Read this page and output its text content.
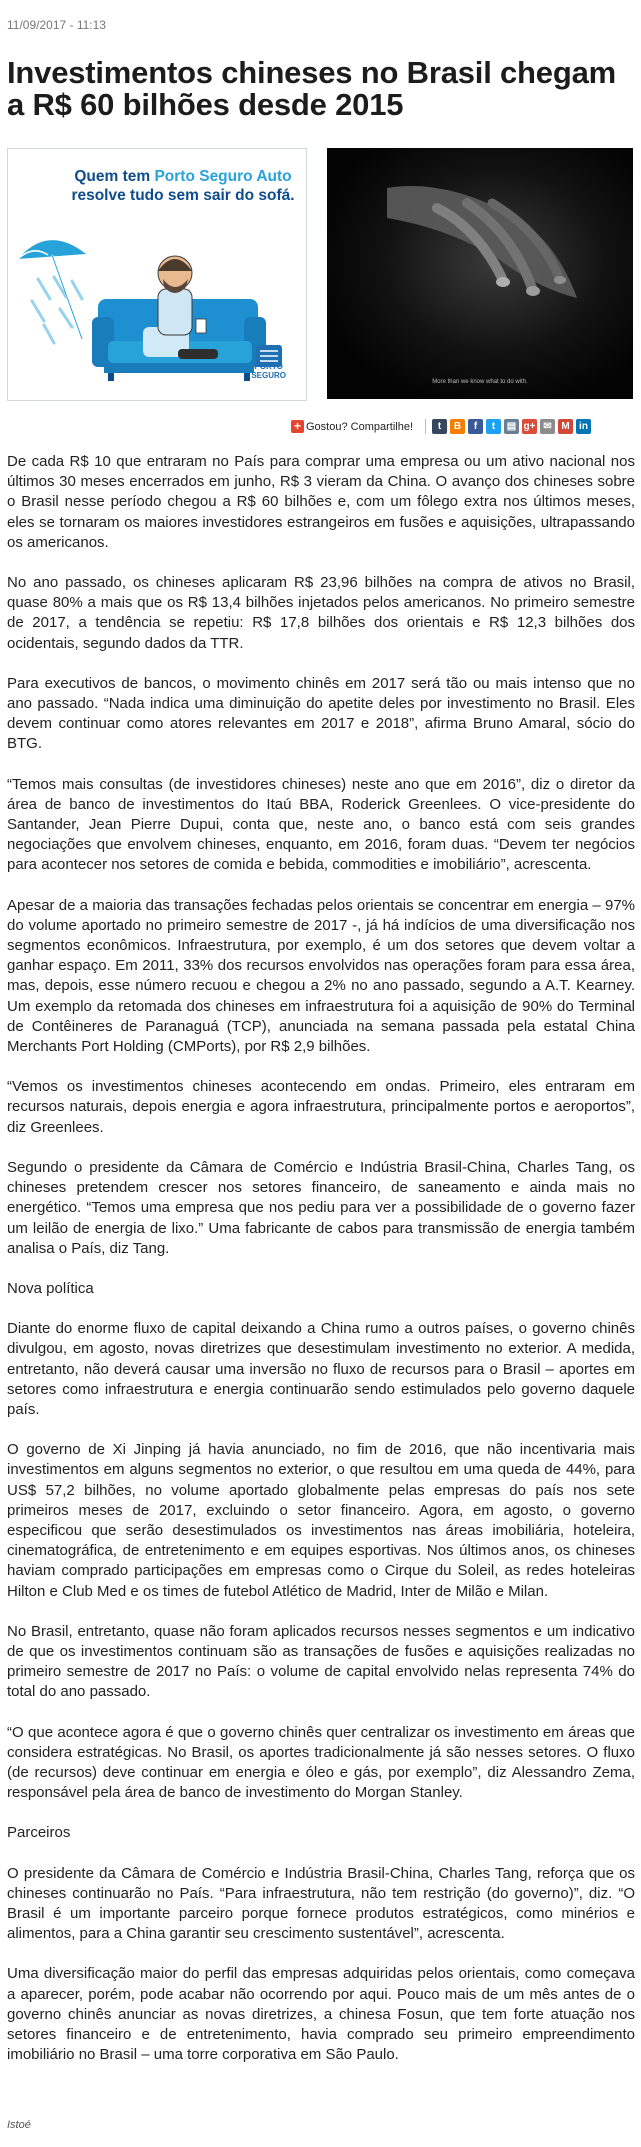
11/09/2017 - 11:13
Investimentos chineses no Brasil chegam a R$ 60 bilhões desde 2015
Quem tem Porto Seguro Auto resolve tudo sem sair do sofá.
PORTO
SEGURO
More than we know what to do with.
+ Gostou? Compartilhe!	t	B	f	t	▤ g+ ✉ M in

De cada R$ 10 que entraram no País para comprar uma empresa ou um ativo nacional nos últimos 30 meses encerrados em junho, R$ 3 vieram da China. O avanço dos chineses sobre o Brasil nesse período chegou a R$ 60 bilhões e, com um fôlego extra nos últimos meses, eles se tornaram os maiores investidores estrangeiros em fusões e aquisições, ultrapassando os americanos.

No ano passado, os chineses aplicaram R$ 23,96 bilhões na compra de ativos no Brasil, quase 80% a mais que os R$ 13,4 bilhões injetados pelos americanos. No primeiro semestre de 2017, a tendência se repetiu: R$ 17,8 bilhões dos orientais e R$ 12,3 bilhões dos ocidentais, segundo dados da TTR.

Para executivos de bancos, o movimento chinês em 2017 será tão ou mais intenso que no ano passado. “Nada indica uma diminuição do apetite deles por investimento no Brasil. Eles devem continuar como atores relevantes em 2017 e 2018”, afirma Bruno Amaral, sócio do BTG.

“Temos mais consultas (de investidores chineses) neste ano que em 2016”, diz o diretor da área de banco de investimentos do Itaú BBA, Roderick Greenlees. O vice-presidente do Santander, Jean Pierre Dupui, conta que, neste ano, o banco está com seis grandes negociações que envolvem chineses, enquanto, em 2016, foram duas. “Devem ter negócios para acontecer nos setores de comida e bebida, commodities e imobiliário”, acrescenta.

Apesar de a maioria das transações fechadas pelos orientais se concentrar em energia – 97% do volume aportado no primeiro semestre de 2017 -, já há indícios de uma diversificação nos segmentos econômicos. Infraestrutura, por exemplo, é um dos setores que devem voltar a ganhar espaço. Em 2011, 33% dos recursos envolvidos nas operações foram para essa área, mas, depois, esse número recuou e chegou a 2% no ano passado, segundo a A.T. Kearney. Um exemplo da retomada dos chineses em infraestrutura foi a aquisição de 90% do Terminal de Contêineres de Paranaguá (TCP), anunciada na semana passada pela estatal China Merchants Port Holding (CMPorts), por R$ 2,9 bilhões.

“Vemos os investimentos chineses acontecendo em ondas. Primeiro, eles entraram em recursos naturais, depois energia e agora infraestrutura, principalmente portos e aeroportos”, diz Greenlees.

Segundo o presidente da Câmara de Comércio e Indústria Brasil-China, Charles Tang, os chineses pretendem crescer nos setores financeiro, de saneamento e ainda mais no energético. “Temos uma empresa que nos pediu para ver a possibilidade de o governo fazer um leilão de energia de lixo.” Uma fabricante de cabos para transmissão de energia também analisa o País, diz Tang.

Nova política

Diante do enorme fluxo de capital deixando a China rumo a outros países, o governo chinês divulgou, em agosto, novas diretrizes que desestimulam investimento no exterior. A medida, entretanto, não deverá causar uma inversão no fluxo de recursos para o Brasil – aportes em setores como infraestrutura e energia continuarão sendo estimulados pelo governo daquele país.

O governo de Xi Jinping já havia anunciado, no fim de 2016, que não incentivaria mais investimentos em alguns segmentos no exterior, o que resultou em uma queda de 44%, para US$ 57,2 bilhões, no volume aportado globalmente pelas empresas do país nos sete primeiros meses de 2017, excluindo o setor financeiro. Agora, em agosto, o governo especificou que serão desestimulados os investimentos nas áreas imobiliária, hoteleira, cinematográfica, de entretenimento e em equipes esportivas. Nos últimos anos, os chineses haviam comprado participações em empresas como o Cirque du Soleil, as redes hoteleiras Hilton e Club Med e os times de futebol Atlético de Madrid, Inter de Milão e Milan.

No Brasil, entretanto, quase não foram aplicados recursos nesses segmentos e um indicativo de que os investimentos continuam são as transações de fusões e aquisições realizadas no primeiro semestre de 2017 no País: o volume de capital envolvido nelas representa 74% do total do ano passado.

“O que acontece agora é que o governo chinês quer centralizar os investimento em áreas que considera estratégicas. No Brasil, os aportes tradicionalmente já são nesses setores. O fluxo (de recursos) deve continuar em energia e óleo e gás, por exemplo”, diz Alessandro Zema, responsável pela área de banco de investimento do Morgan Stanley.

Parceiros

O presidente da Câmara de Comércio e Indústria Brasil-China, Charles Tang, reforça que os chineses continuarão no País. “Para infraestrutura, não tem restrição (do governo)”, diz. “O Brasil é um importante parceiro porque fornece produtos estratégicos, como minérios e alimentos, para a China garantir seu crescimento sustentável”, acrescenta.

Uma diversificação maior do perfil das empresas adquiridas pelos orientais, como começava a aparecer, porém, pode acabar não ocorrendo por aqui. Pouco mais de um mês antes de o governo chinês anunciar as novas diretrizes, a chinesa Fosun, que tem forte atuação nos setores financeiro e de entretenimento, havia comprado seu primeiro empreendimento imobiliário no Brasil – uma torre corporativa em São Paulo.

Istoé
